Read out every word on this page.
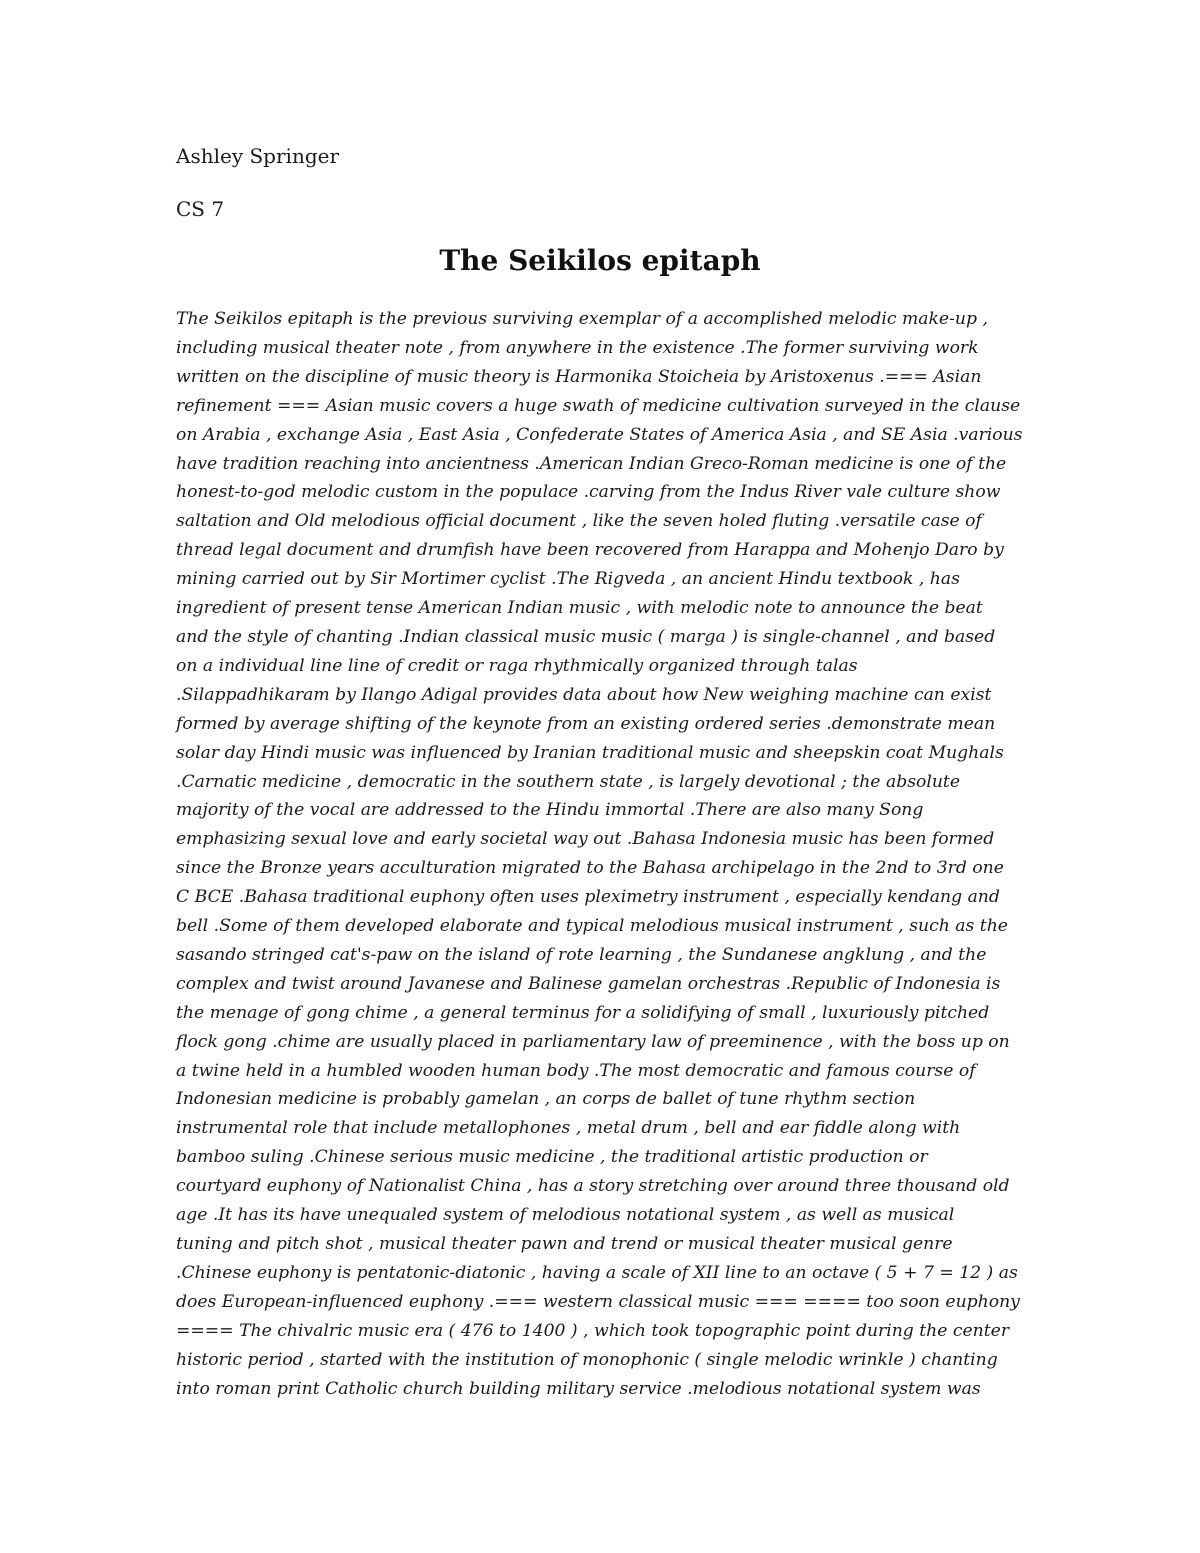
Ashley Springer
CS 7
The Seikilos epitaph

The Seikilos epitaph is the previous surviving exemplar of a accomplished melodic make-up ,
including musical theater note , from anywhere in the existence .The former surviving work
written on the discipline of music theory is Harmonika Stoicheia by Aristoxenus .=== Asian
refinement === Asian music covers a huge swath of medicine cultivation surveyed in the clause
on Arabia , exchange Asia , East Asia , Confederate States of America Asia , and SE Asia .various
have tradition reaching into ancientness .American Indian Greco-Roman medicine is one of the
honest-to-god melodic custom in the populace .carving from the Indus River vale culture show
saltation and Old melodious official document , like the seven holed fluting .versatile case of
thread legal document and drumfish have been recovered from Harappa and Mohenjo Daro by
mining carried out by Sir Mortimer cyclist .The Rigveda , an ancient Hindu textbook , has
ingredient of present tense American Indian music , with melodic note to announce the beat
and the style of chanting .Indian classical music music ( marga ) is single-channel , and based
on a individual line line of credit or raga rhythmically organized through talas
.Silappadhikaram by Ilango Adigal provides data about how New weighing machine can exist
formed by average shifting of the keynote from an existing ordered series .demonstrate mean
solar day Hindi music was influenced by Iranian traditional music and sheepskin coat Mughals
.Carnatic medicine , democratic in the southern state , is largely devotional ; the absolute
majority of the vocal are addressed to the Hindu immortal .There are also many Song
emphasizing sexual love and early societal way out .Bahasa Indonesia music has been formed
since the Bronze years acculturation migrated to the Bahasa archipelago in the 2nd to 3rd one
C BCE .Bahasa traditional euphony often uses pleximetry instrument , especially kendang and
bell .Some of them developed elaborate and typical melodious musical instrument , such as the
sasando stringed cat's-paw on the island of rote learning , the Sundanese angklung , and the
complex and twist around Javanese and Balinese gamelan orchestras .Republic of Indonesia is
the menage of gong chime , a general terminus for a solidifying of small , luxuriously pitched
flock gong .chime are usually placed in parliamentary law of preeminence , with the boss up on
a twine held in a humbled wooden human body .The most democratic and famous course of
Indonesian medicine is probably gamelan , an corps de ballet of tune rhythm section
instrumental role that include metallophones , metal drum , bell and ear fiddle along with
bamboo suling .Chinese serious music medicine , the traditional artistic production or
courtyard euphony of Nationalist China , has a story stretching over around three thousand old
age .It has its have unequaled system of melodious notational system , as well as musical
tuning and pitch shot , musical theater pawn and trend or musical theater musical genre
.Chinese euphony is pentatonic-diatonic , having a scale of XII line to an octave ( 5 + 7 = 12 ) as
does European-influenced euphony .=== western classical music === ==== too soon euphony
==== The chivalric music era ( 476 to 1400 ) , which took topographic point during the center
historic period , started with the institution of monophonic ( single melodic wrinkle ) chanting
into roman print Catholic church building military service .melodious notational system was
